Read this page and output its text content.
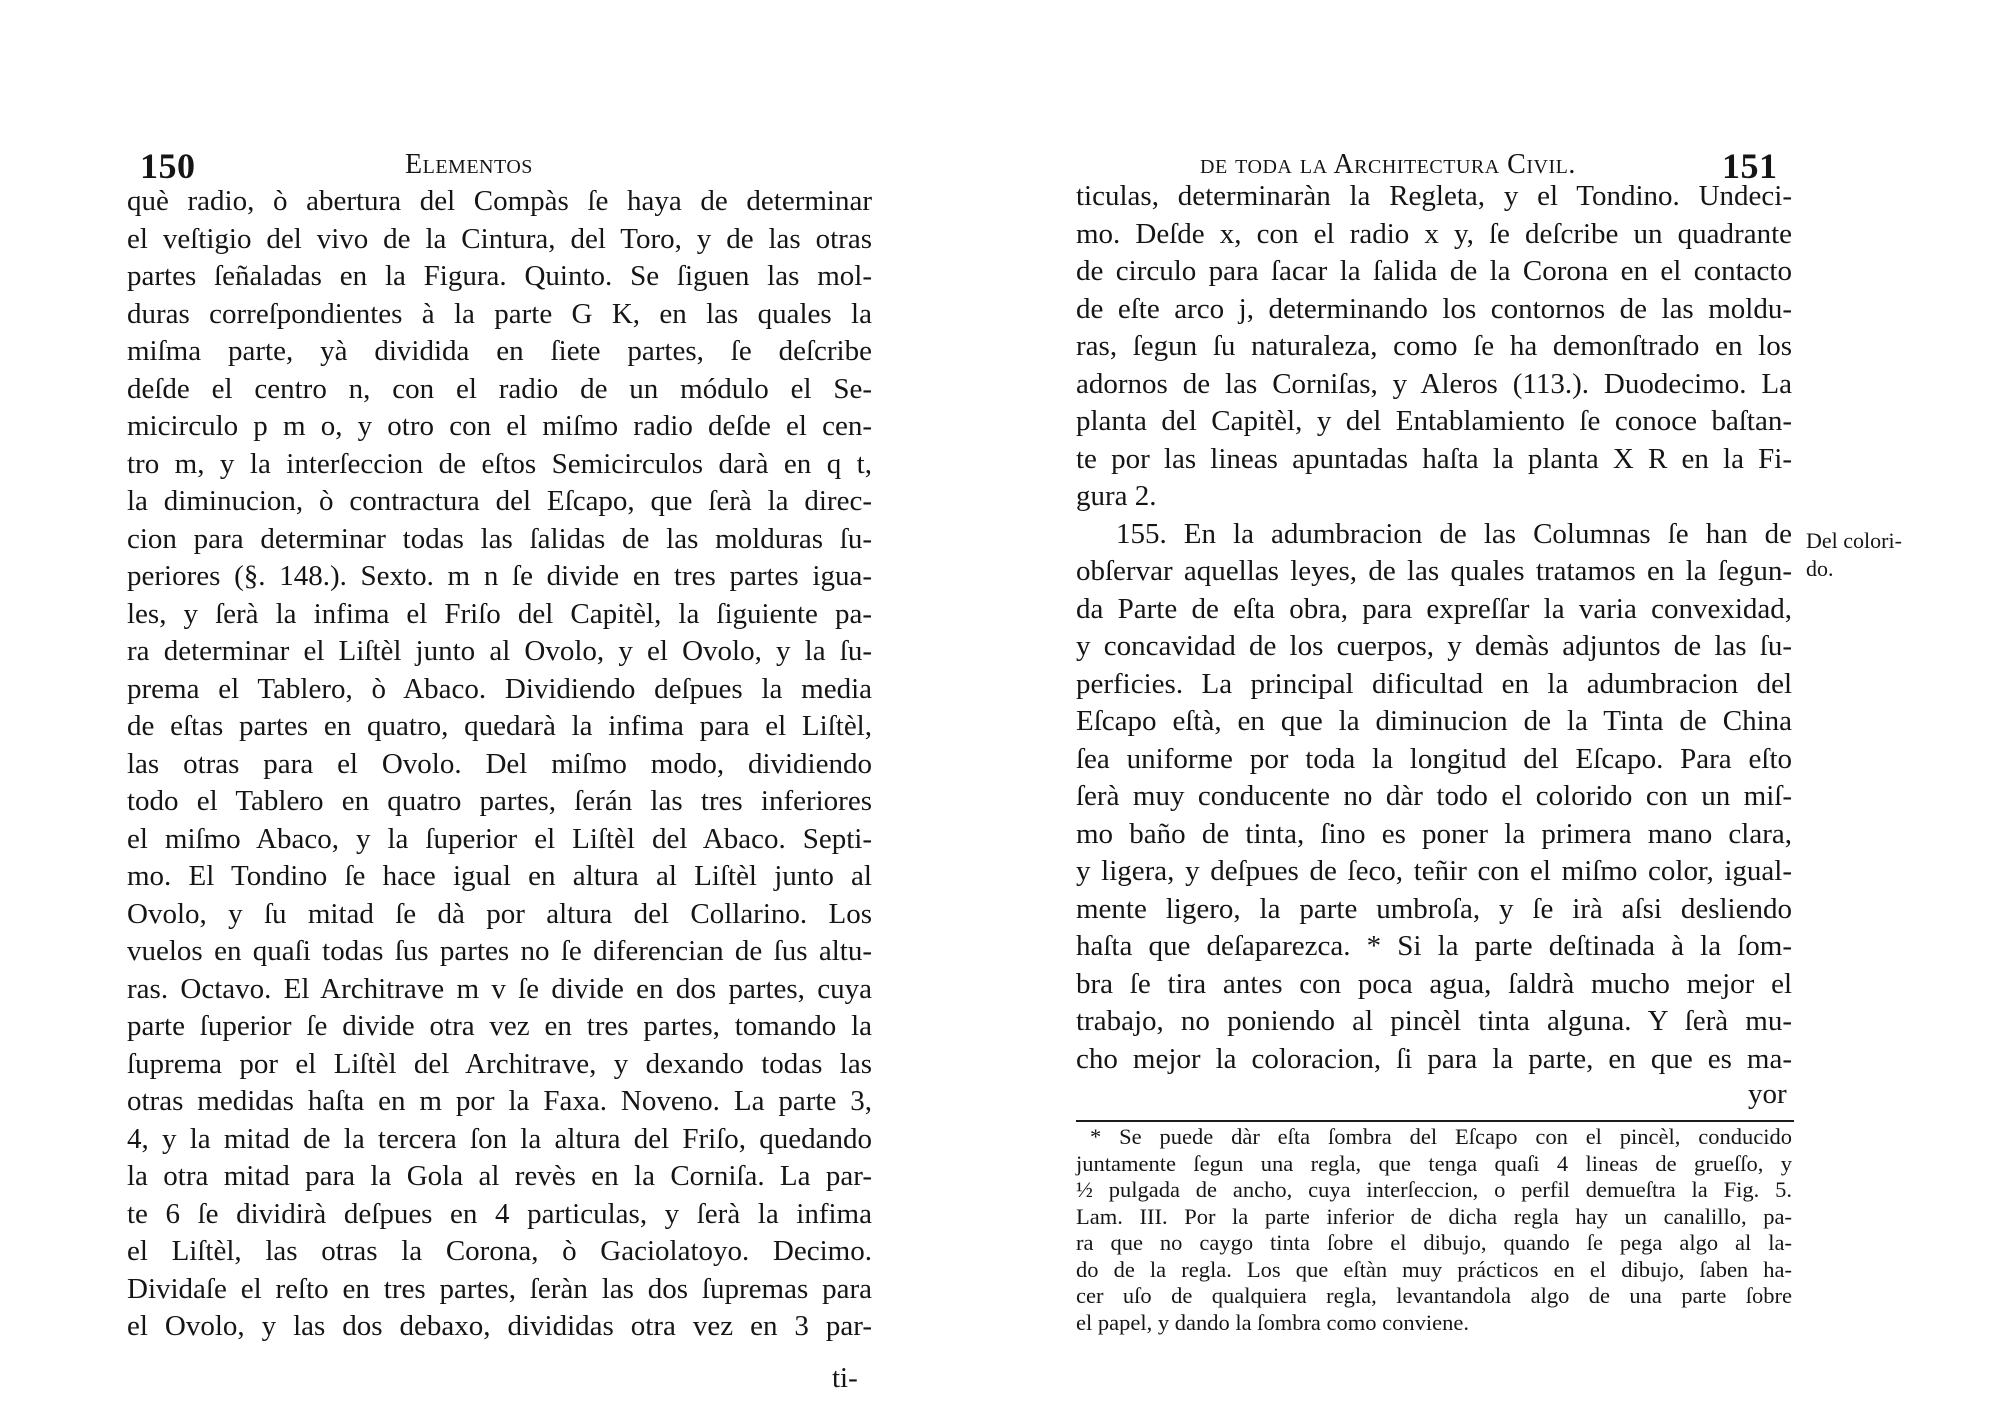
150	Elementos
què radio, ò abertura del Compàs ſe haya de determinar
el veſtigio del vivo de la Cintura, del Toro, y de las otras
partes ſeñaladas en la Figura. Quinto. Se ſiguen las mol-
duras correſpondientes à la parte G K, en las quales la
miſma parte, yà dividida en ſiete partes, ſe deſcribe
deſde el centro n, con el radio de un módulo el Se-
micirculo p m o, y otro con el miſmo radio deſde el cen-
tro m, y la interſeccion de eſtos Semicirculos darà en q t,
la diminucion, ò contractura del Eſcapo, que ſerà la direc-
cion para determinar todas las ſalidas de las molduras ſu-
periores (§. 148.). Sexto. m n ſe divide en tres partes igua-
les, y ſerà la infima el Friſo del Capitèl, la ſiguiente pa-
ra determinar el Liſtèl junto al Ovolo, y el Ovolo, y la ſu-
prema el Tablero, ò Abaco. Dividiendo deſpues la media
de eſtas partes en quatro, quedarà la infima para el Liſtèl,
las otras para el Ovolo. Del miſmo modo, dividiendo
todo el Tablero en quatro partes, ſerán las tres inferiores
el miſmo Abaco, y la ſuperior el Liſtèl del Abaco. Septi-
mo. El Tondino ſe hace igual en altura al Liſtèl junto al
Ovolo, y ſu mitad ſe dà por altura del Collarino. Los
vuelos en quaſi todas ſus partes no ſe diferencian de ſus altu-
ras. Octavo. El Architrave m v ſe divide en dos partes, cuya
parte ſuperior ſe divide otra vez en tres partes, tomando la
ſuprema por el Liſtèl del Architrave, y dexando todas las
otras medidas haſta en m por la Faxa. Noveno. La parte 3,
4, y la mitad de la tercera ſon la altura del Friſo, quedando
la otra mitad para la Gola al revès en la Corniſa. La par-
te 6 ſe dividirà deſpues en 4 particulas, y ſerà la infima
el Liſtèl, las otras la Corona, ò Gaciolatoyo. Decimo.
Dividaſe el reſto en tres partes, ſeràn las dos ſupremas para
el Ovolo, y las dos debaxo, divididas otra vez en 3 par-
ti-
de toda la Architectura Civil.	151
ticulas, determinaràn la Regleta, y el Tondino. Undeci-
mo. Deſde x, con el radio x y, ſe deſcribe un quadrante
de circulo para ſacar la ſalida de la Corona en el contacto
de eſte arco j, determinando los contornos de las moldu-
ras, ſegun ſu naturaleza, como ſe ha demonſtrado en los
adornos de las Corniſas, y Aleros (113.). Duodecimo. La
planta del Capitèl, y del Entablamiento ſe conoce baſtan-
te por las lineas apuntadas haſta la planta X R en la Fi-
gura 2.
155. En la adumbracion de las Columnas ſe han de
obſervar aquellas leyes, de las quales tratamos en la ſegun-
da Parte de eſta obra, para expreſſar la varia convexidad,
y concavidad de los cuerpos, y demàs adjuntos de las ſu-
perficies. La principal dificultad en la adumbracion del
Eſcapo eſtà, en que la diminucion de la Tinta de China
ſea uniforme por toda la longitud del Eſcapo. Para eſto
ſerà muy conducente no dàr todo el colorido con un miſ-
mo baño de tinta, ſino es poner la primera mano clara,
y ligera, y deſpues de ſeco, teñir con el miſmo color, igual-
mente ligero, la parte umbroſa, y ſe irà aſsi desliendo
haſta que deſaparezca. * Si la parte deſtinada à la ſom-
bra ſe tira antes con poca agua, ſaldrà mucho mejor el
trabajo, no poniendo al pincèl tinta alguna. Y ſerà mu-
cho mejor la coloracion, ſi para la parte, en que es ma-
Del colori-
do.
yor
* Se puede dàr eſta ſombra del Eſcapo con el pincèl, conducido
juntamente ſegun una regla, que tenga quaſi 4 lineas de grueſſo, y
½ pulgada de ancho, cuya interſeccion, o perfil demueſtra la Fig. 5.
Lam. III. Por la parte inferior de dicha regla hay un canalillo, pa-
ra que no caygo tinta ſobre el dibujo, quando ſe pega algo al la-
do de la regla. Los que eſtàn muy prácticos en el dibujo, ſaben ha-
cer uſo de qualquiera regla, levantandola algo de una parte ſobre
el papel, y dando la ſombra como conviene.
